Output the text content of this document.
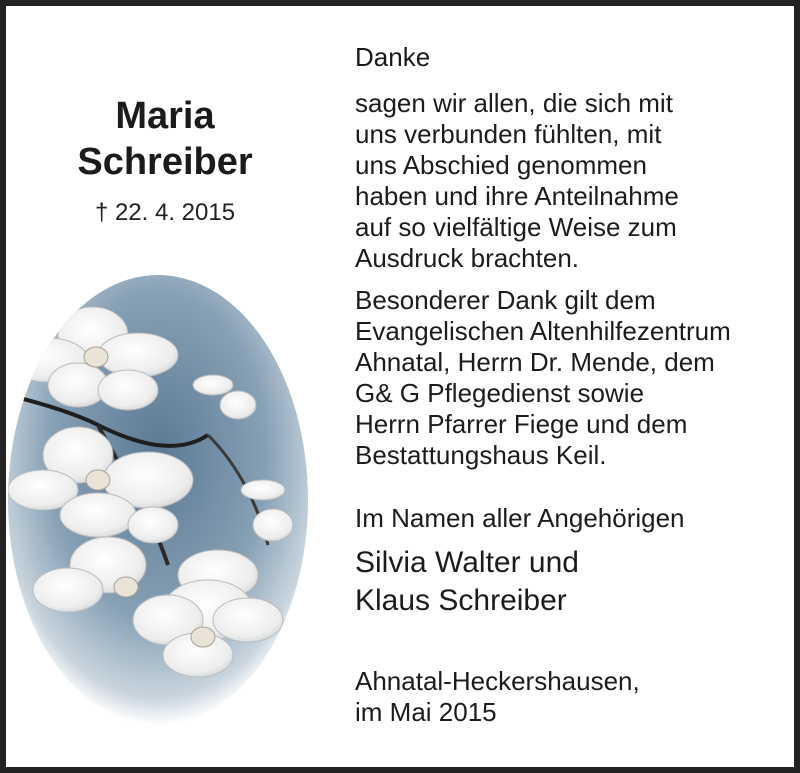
Maria
Schreiber
† 22. 4. 2015
Danke
sagen wir allen, die sich mit
uns verbunden fühlten, mit
uns Abschied genommen
haben und ihre Anteilnahme
auf so vielfältige Weise zum
Ausdruck brachten.
Besonderer Dank gilt dem
Evangelischen Altenhilfezentrum
Ahnatal, Herrn Dr. Mende, dem
G& G Pflegedienst sowie
Herrn Pfarrer Fiege und dem
Bestattungshaus Keil.
Im Namen aller Angehörigen
Silvia Walter und
Klaus Schreiber
Ahnatal-Heckershausen,
im Mai 2015
